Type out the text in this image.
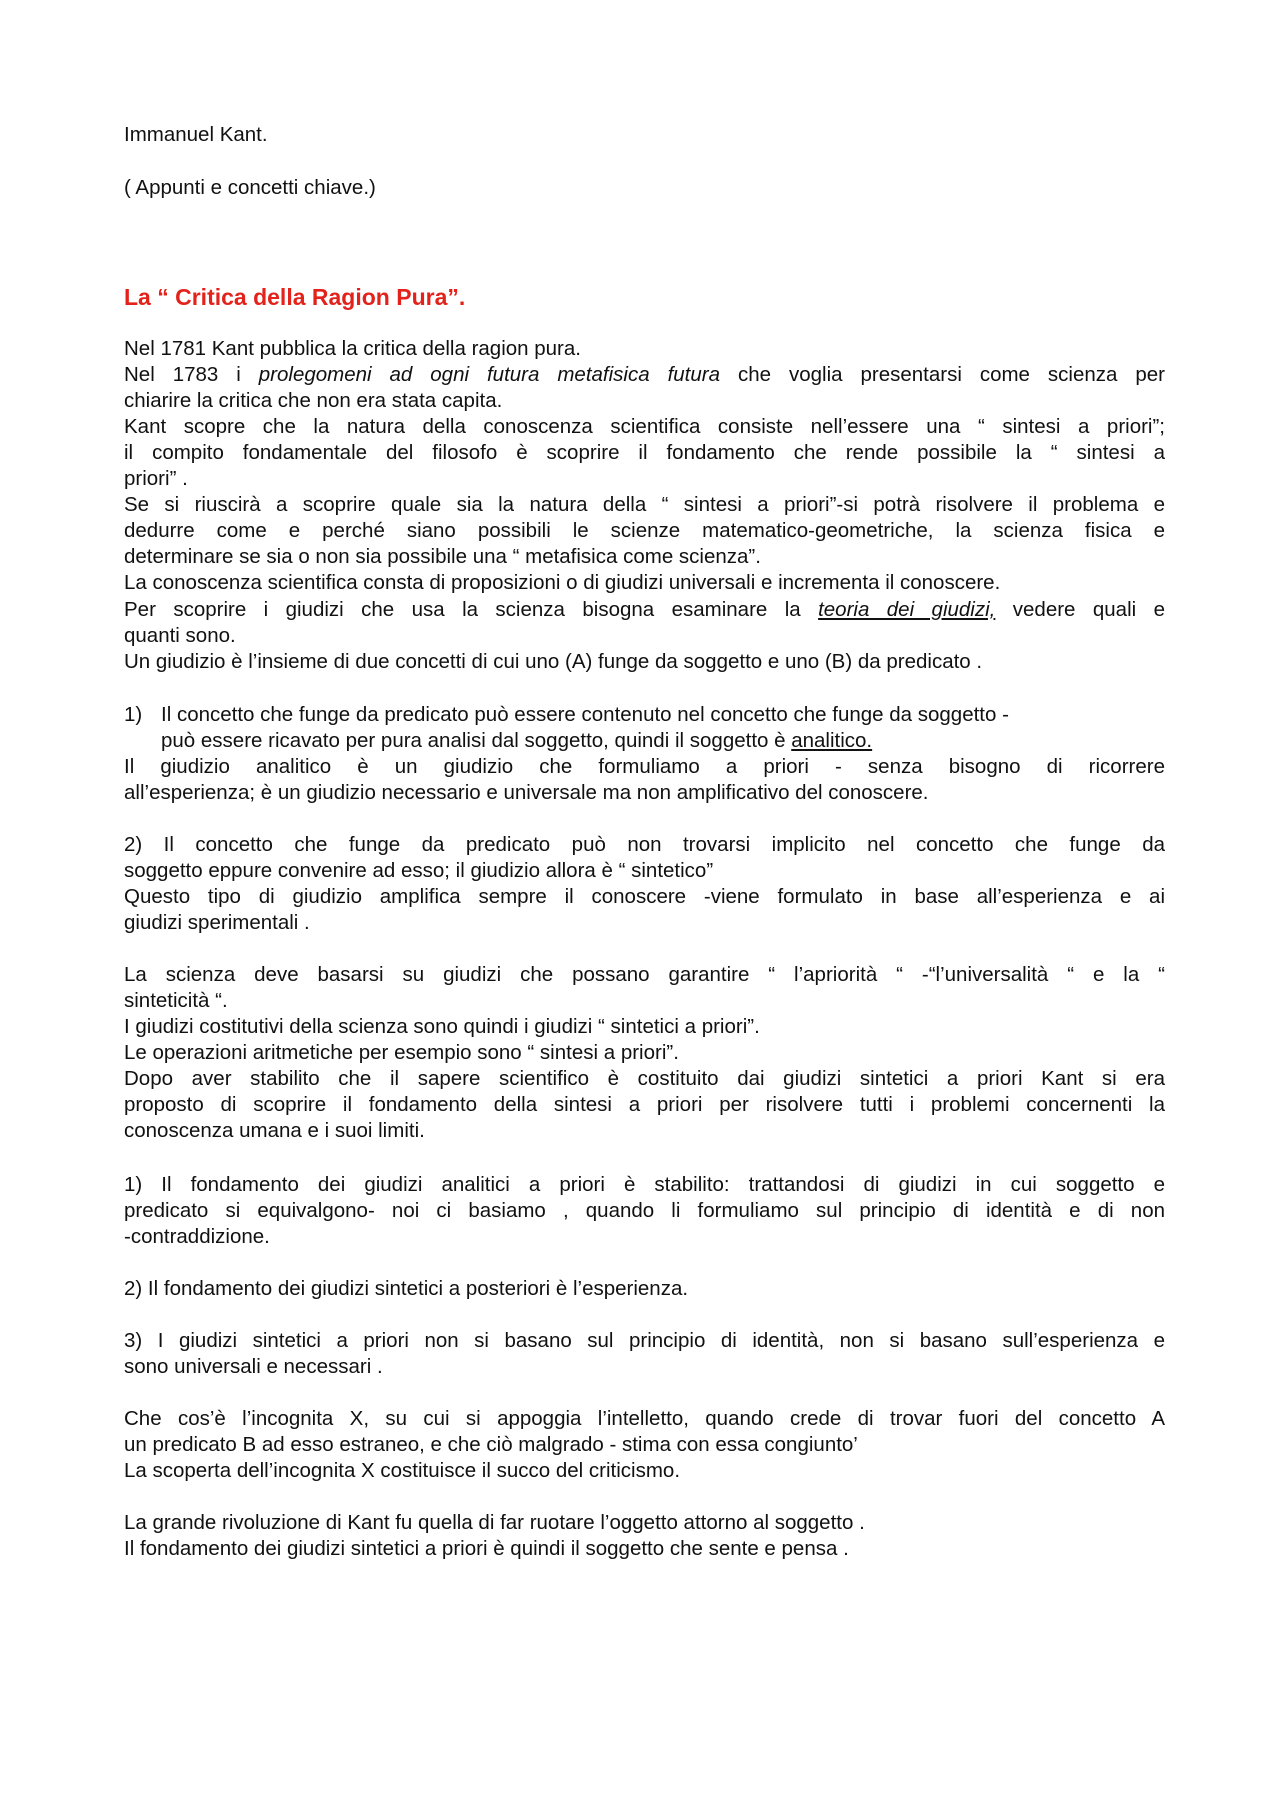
Immanuel Kant.
( Appunti e concetti chiave.)
La “ Critica della Ragion Pura”.
Nel 1781 Kant pubblica la critica della ragion pura.
Nel 1783 i prolegomeni ad ogni futura metafisica futura che voglia presentarsi come scienza per
chiarire la critica che non era stata capita.
Kant scopre che la natura della conoscenza scientifica consiste nell’essere una “ sintesi a priori”;
il compito fondamentale del filosofo è scoprire il fondamento che rende possibile la “ sintesi a
priori” .
Se si riuscirà a scoprire quale sia la natura della “ sintesi a priori”-si potrà risolvere il problema e
dedurre come e perché siano possibili le scienze matematico-geometriche, la scienza fisica e
determinare se sia o non sia possibile una “ metafisica come scienza”.
La conoscenza scientifica consta di proposizioni o di giudizi universali e incrementa il conoscere.
Per scoprire i giudizi che usa la scienza bisogna esaminare la teoria dei giudizi, vedere quali e
quanti sono.
Un giudizio è l’insieme di due concetti di cui uno (A) funge da soggetto e uno (B) da predicato .
1) Il concetto che funge da predicato può essere contenuto nel concetto che funge da soggetto -
può essere ricavato per pura analisi dal soggetto, quindi il soggetto è analitico.
Il giudizio analitico è un giudizio che formuliamo a priori - senza bisogno di ricorrere
all’esperienza; è un giudizio necessario e universale ma non amplificativo del conoscere.
2) Il concetto che funge da predicato può non trovarsi implicito nel concetto che funge da
soggetto eppure convenire ad esso; il giudizio allora è “ sintetico”
Questo tipo di giudizio amplifica sempre il conoscere -viene formulato in base all’esperienza e ai
giudizi sperimentali .
La scienza deve basarsi su giudizi che possano garantire “ l’apriorità “ -“l’universalità “ e la “
sinteticità “.
I giudizi costitutivi della scienza sono quindi i giudizi “ sintetici a priori”.
Le operazioni aritmetiche per esempio sono “ sintesi a priori”.
Dopo aver stabilito che il sapere scientifico è costituito dai giudizi sintetici a priori Kant si era
proposto di scoprire il fondamento della sintesi a priori per risolvere tutti i problemi concernenti la
conoscenza umana e i suoi limiti.
1) Il fondamento dei giudizi analitici a priori è stabilito: trattandosi di giudizi in cui soggetto e
predicato si equivalgono- noi ci basiamo , quando li formuliamo sul principio di identità e di non
-contraddizione.
2) Il fondamento dei giudizi sintetici a posteriori è l’esperienza.
3) I giudizi sintetici a priori non si basano sul principio di identità, non si basano sull’esperienza e
sono universali e necessari .
Che cos’è l’incognita X, su cui si appoggia l’intelletto, quando crede di trovar fuori del concetto A
un predicato B ad esso estraneo, e che ciò malgrado - stima con essa congiunto’
La scoperta dell’incognita X costituisce il succo del criticismo.
La grande rivoluzione di Kant fu quella di far ruotare l’oggetto attorno al soggetto .
Il fondamento dei giudizi sintetici a priori è quindi il soggetto che sente e pensa .
